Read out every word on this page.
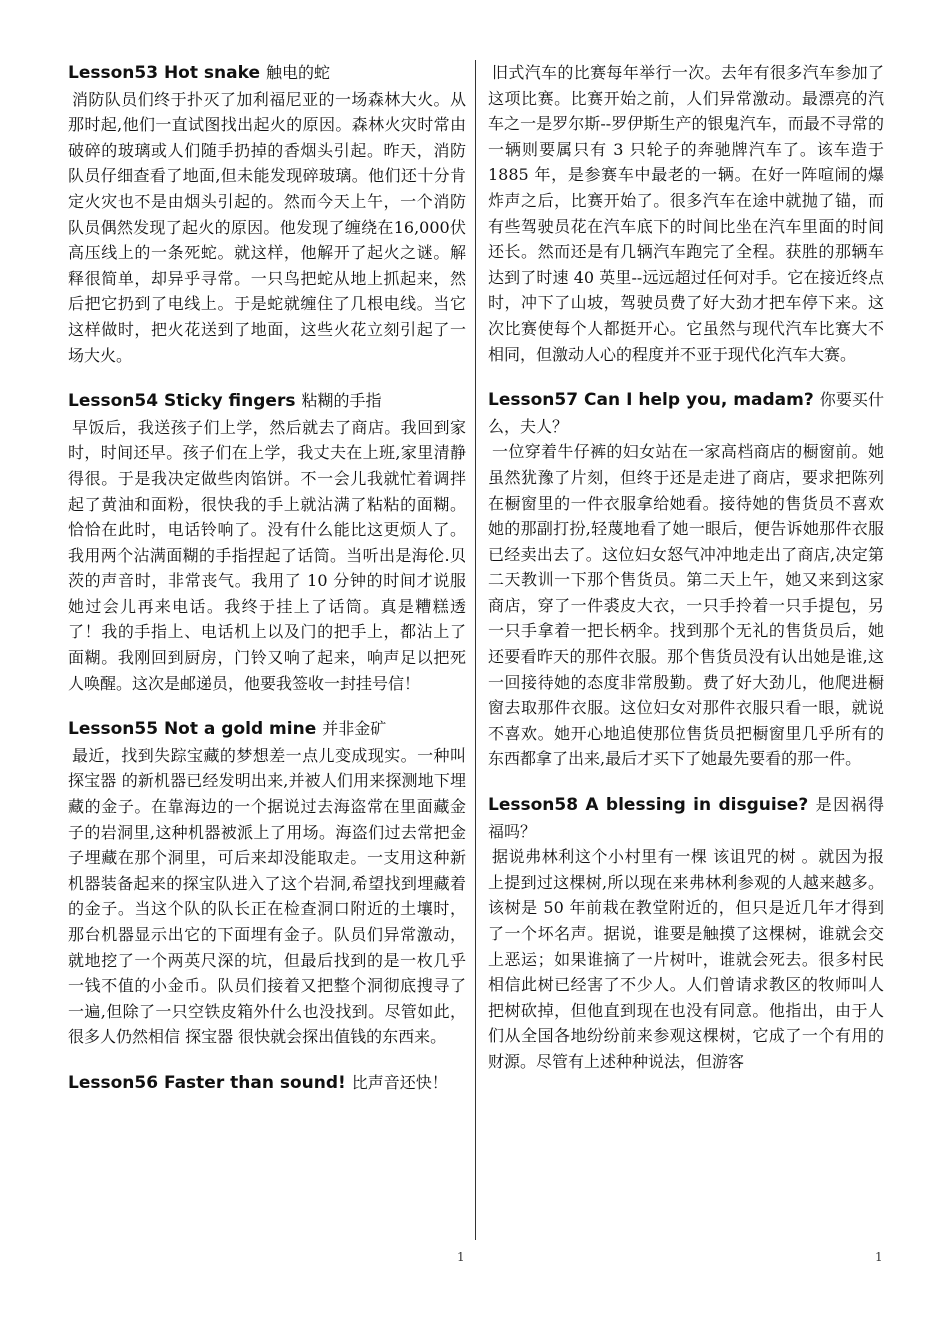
Lesson53 Hot snake 触电的蛇

消防队员们终于扑灭了加利福尼亚的一场森林大火。从那时起,他们一直试图找出起火的原因。森林火灾时常由破碎的玻璃或人们随手扔掉的香烟头引起。昨天，消防队员仔细查看了地面,但未能发现碎玻璃。他们还十分肯定火灾也不是由烟头引起的。然而今天上午，一个消防队员偶然发现了起火的原因。他发现了缠绕在16,000伏高压线上的一条死蛇。就这样，他解开了起火之谜。解释很简单，却异乎寻常。一只鸟把蛇从地上抓起来，然后把它扔到了电线上。于是蛇就缠住了几根电线。当它这样做时，把火花送到了地面，这些火花立刻引起了一场大火。

Lesson54 Sticky fingers 粘糊的手指

早饭后，我送孩子们上学，然后就去了商店。我回到家时，时间还早。孩子们在上学，我丈夫在上班,家里清静得很。于是我决定做些肉馅饼。不一会儿我就忙着调拌起了黄油和面粉，很快我的手上就沾满了粘粘的面糊。恰恰在此时，电话铃响了。没有什么能比这更烦人了。我用两个沾满面糊的手指捏起了话筒。当听出是海伦.贝茨的声音时，非常丧气。我用了 10 分钟的时间才说服她过会儿再来电话。我终于挂上了话筒。真是糟糕透了！我的手指上、电话机上以及门的把手上，都沾上了面糊。我刚回到厨房，门铃又响了起来，响声足以把死人唤醒。这次是邮递员，他要我签收一封挂号信！

Lesson55 Not a gold mine 并非金矿

最近，找到失踪宝藏的梦想差一点儿变成现实。一种叫 探宝器 的新机器已经发明出来,并被人们用来探测地下埋藏的金子。在靠海边的一个据说过去海盗常在里面藏金子的岩洞里,这种机器被派上了用场。海盗们过去常把金子埋藏在那个洞里，可后来却没能取走。一支用这种新机器装备起来的探宝队进入了这个岩洞,希望找到埋藏着的金子。当这个队的队长正在检查洞口附近的土壤时，那台机器显示出它的下面埋有金子。队员们异常激动，就地挖了一个两英尺深的坑，但最后找到的是一枚几乎一钱不值的小金币。队员们接着又把整个洞彻底搜寻了一遍,但除了一只空铁皮箱外什么也没找到。尽管如此，很多人仍然相信 探宝器 很快就会探出值钱的东西来。

Lesson56 Faster than sound! 比声音还快！

旧式汽车的比赛每年举行一次。去年有很多汽车参加了这项比赛。比赛开始之前，人们异常激动。最漂亮的汽车之一是罗尔斯--罗伊斯生产的银鬼汽车，而最不寻常的一辆则要属只有 3 只轮子的奔驰牌汽车了。该车造于 1885 年，是参赛车中最老的一辆。在好一阵喧闹的爆炸声之后，比赛开始了。很多汽车在途中就抛了锚，而有些驾驶员花在汽车底下的时间比坐在汽车里面的时间还长。然而还是有几辆汽车跑完了全程。获胜的那辆车达到了时速 40 英里--远远超过任何对手。它在接近终点时，冲下了山坡，驾驶员费了好大劲才把车停下来。这次比赛使每个人都挺开心。它虽然与现代汽车比赛大不相同，但激动人心的程度并不亚于现代化汽车大赛。

Lesson57 Can I help you, madam? 你要买什么，夫人？

一位穿着牛仔裤的妇女站在一家高档商店的橱窗前。她虽然犹豫了片刻，但终于还是走进了商店，要求把陈列在橱窗里的一件衣服拿给她看。接待她的售货员不喜欢她的那副打扮,轻蔑地看了她一眼后，便告诉她那件衣服已经卖出去了。这位妇女怒气冲冲地走出了商店,决定第二天教训一下那个售货员。第二天上午，她又来到这家商店，穿了一件裘皮大衣，一只手拎着一只手提包，另一只手拿着一把长柄伞。找到那个无礼的售货员后，她还要看昨天的那件衣服。那个售货员没有认出她是谁,这一回接待她的态度非常殷勤。费了好大劲儿，他爬进橱窗去取那件衣服。这位妇女对那件衣服只看一眼，就说不喜欢。她开心地追使那位售货员把橱窗里几乎所有的东西都拿了出来,最后才买下了她最先要看的那一件。

Lesson58 A blessing in disguise? 是因祸得福吗？

据说弗林利这个小村里有一棵 该诅咒的树 。就因为报上提到过这棵树,所以现在来弗林利参观的人越来越多。该树是 50 年前栽在教堂附近的，但只是近几年才得到了一个坏名声。据说，谁要是触摸了这棵树，谁就会交上恶运；如果谁摘了一片树叶，谁就会死去。很多村民相信此树已经害了不少人。人们曾请求教区的牧师叫人把树砍掉，但他直到现在也没有同意。他指出，由于人们从全国各地纷纷前来参观这棵树，它成了一个有用的财源。尽管有上述种种说法，但游客

1	1
